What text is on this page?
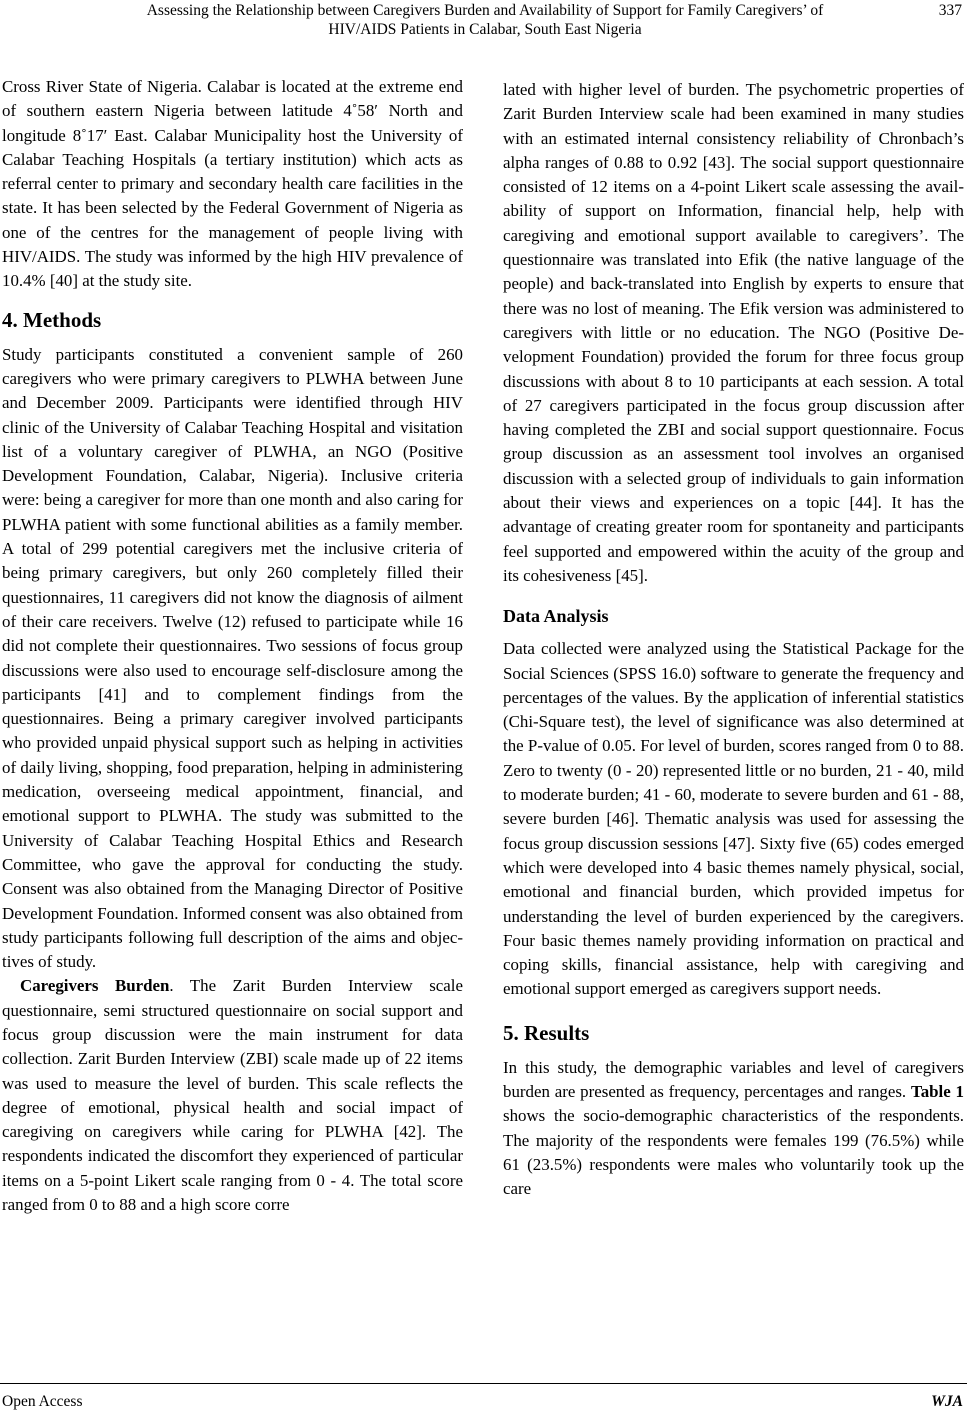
Assessing the Relationship between Caregivers Burden and Availability of Support for Family Caregivers’ of
HIV/AIDS Patients in Calabar, South East Nigeria
337

Cross River State of Nigeria. Calabar is located at the extreme end of southern eastern Nigeria between latitude 4˚58′ North and longitude 8˚17′ East. Calabar Municipality host the University of Calabar Teaching Hospitals (a tertiary institution) which acts as referral center to primary and secondary health care facilities in the state. It has been selected by the Federal Government of Nigeria as one of the centres for the management of people living with HIV/AIDS. The study was informed by the high HIV prevalence of 10.4% [40] at the study site.

4. Methods

Study participants constituted a convenient sample of 260 caregivers who were primary caregivers to PLWHA between June and December 2009. Participants were identified through HIV clinic of the University of Calabar Teaching Hospital and visitation list of a voluntary caregiver of PLWHA, an NGO (Positive Development Foundation, Calabar, Nigeria). Inclusive criteria were: being a caregiver for more than one month and also caring for PLWHA patient with some functional abilities as a family member. A total of 299 potential caregivers met the inclusive criteria of being primary caregivers, but only 260 completely filled their questionnaires, 11 caregivers did not know the diagnosis of ailment of their care receivers. Twelve (12) refused to participate while 16 did not complete their questionnaires. Two sessions of focus group discussions were also used to encourage self-disclosure among the participants [41] and to complement findings from the questionnaires. Being a primary caregiver involved participants who provided unpaid physical support such as helping in activities of daily living, shopping, food preparation, helping in administering medication, overseeing medical appointment, financial, and emotional support to PLWHA. The study was submitted to the University of Calabar Teaching Hospital Ethics and Research Committee, who gave the approval for conducting the study. Consent was also obtained from the Managing Director of Positive Development Foundation. Informed consent was also obtained from study participants following full description of the aims and objectives of study.

Caregivers Burden. The Zarit Burden Interview scale questionnaire, semi structured questionnaire on social support and focus group discussion were the main instrument for data collection. Zarit Burden Interview (ZBI) scale made up of 22 items was used to measure the level of burden. This scale reflects the degree of emotional, physical health and social impact of caregiving on caregivers while caring for PLWHA [42]. The respondents indicated the discomfort they experienced of particular items on a 5-point Likert scale ranging from 0 - 4. The total score ranged from 0 to 88 and a high score corre

lated with higher level of burden. The psychometric properties of Zarit Burden Interview scale had been examined in many studies with an estimated internal consistency reliability of Chronbach’s alpha ranges of 0.88 to 0.92 [43]. The social support questionnaire consisted of 12 items on a 4-point Likert scale assessing the availability of support on Information, financial help, help with caregiving and emotional support available to caregivers’. The questionnaire was translated into Efik (the native language of the people) and back-translated into English by experts to ensure that there was no lost of meaning. The Efik version was administered to caregivers with little or no education. The NGO (Positive Development Foundation) provided the forum for three focus group discussions with about 8 to 10 participants at each session. A total of 27 caregivers participated in the focus group discussion after having completed the ZBI and social support questionnaire. Focus group discussion as an assessment tool involves an organised discussion with a selected group of individuals to gain information about their views and experiences on a topic [44]. It has the advantage of creating greater room for spontaneity and participants feel supported and empowered within the acuity of the group and its cohesiveness [45].

Data Analysis

Data collected were analyzed using the Statistical Package for the Social Sciences (SPSS 16.0) software to generate the frequency and percentages of the values. By the application of inferential statistics (Chi-Square test), the level of significance was also determined at the P-value of 0.05. For level of burden, scores ranged from 0 to 88. Zero to twenty (0 - 20) represented little or no burden, 21 - 40, mild to moderate burden; 41 - 60, moderate to severe burden and 61 - 88, severe burden [46]. Thematic analysis was used for assessing the focus group discussion sessions [47]. Sixty five (65) codes emerged which were developed into 4 basic themes namely physical, social, emotional and financial burden, which provided impetus for understanding the level of burden experienced by the caregivers. Four basic themes namely providing information on practical and coping skills, financial assistance, help with caregiving and emotional support emerged as caregivers support needs.

5. Results

In this study, the demographic variables and level of caregivers burden are presented as frequency, percentages and ranges. Table 1 shows the socio-demographic characteristics of the respondents. The majority of the respondents were females 199 (76.5%) while 61 (23.5%) respondents were males who voluntarily took up the care

Open Access	WJA
